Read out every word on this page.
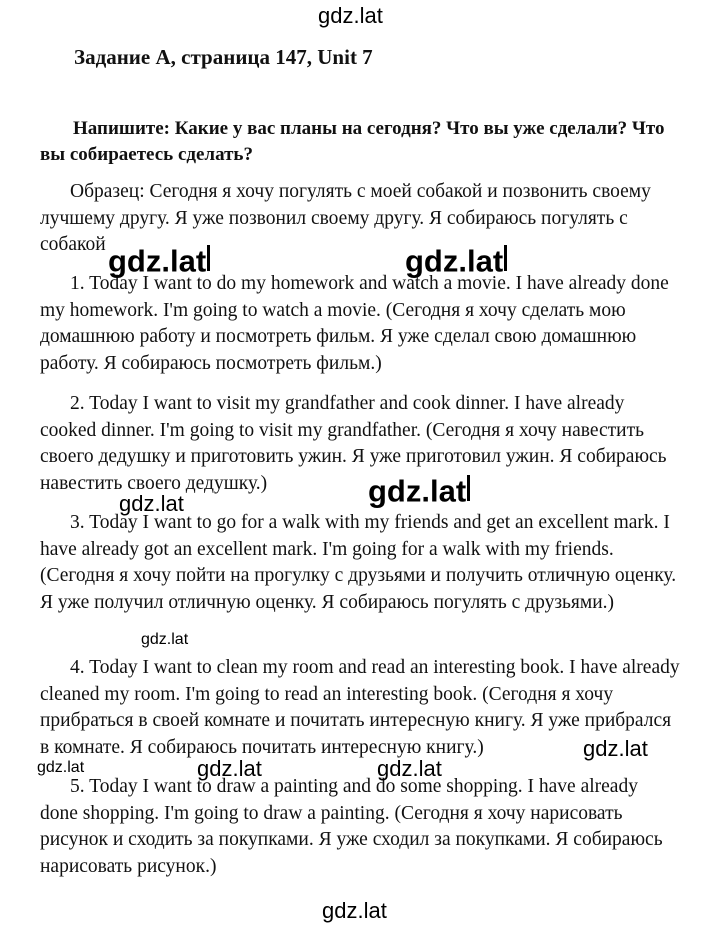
Задание А, страница 147, Unit 7

Напишите: Какие у вас планы на сегодня? Что вы уже сделали? Что вы собираетесь сделать?

Образец: Сегодня я хочу погулять с моей собакой и позвонить своему лучшему другу. Я уже позвонил своему другу. Я собираюсь погулять с собакой

1. Today I want to do my homework and watch a movie. I have already done my homework. I'm going to watch a movie. (Сегодня я хочу сделать мою домашнюю работу и посмотреть фильм. Я уже сделал свою домашнюю работу. Я собираюсь посмотреть фильм.)

2. Today I want to visit my grandfather and cook dinner. I have already cooked dinner. I'm going to visit my grandfather. (Сегодня я хочу навестить своего дедушку и приготовить ужин. Я уже приготовил ужин. Я собираюсь навестить своего дедушку.)

3. Today I want to go for a walk with my friends and get an excellent mark. I have already got an excellent mark. I'm going for a walk with my friends. (Сегодня я хочу пойти на прогулку с друзьями и получить отличную оценку. Я уже получил отличную оценку. Я собираюсь погулять с друзьями.)

4. Today I want to clean my room and read an interesting book. I have already cleaned my room. I'm going to read an interesting book. (Сегодня я хочу прибраться в своей комнате и почитать интересную книгу. Я уже прибрался в комнате. Я собираюсь почитать интересную книгу.)

5. Today I want to draw a painting and do some shopping. I have already done shopping. I'm going to draw a painting. (Сегодня я хочу нарисовать рисунок и сходить за покупками. Я уже сходил за покупками. Я собираюсь нарисовать рисунок.)

gdz.lat
gdz.lat	gdz.lat
gdz.lat
gdz.lat
gdz.lat
gdz.lat
gdz.lat	gdz.lat	gdz.lat
gdz.lat
